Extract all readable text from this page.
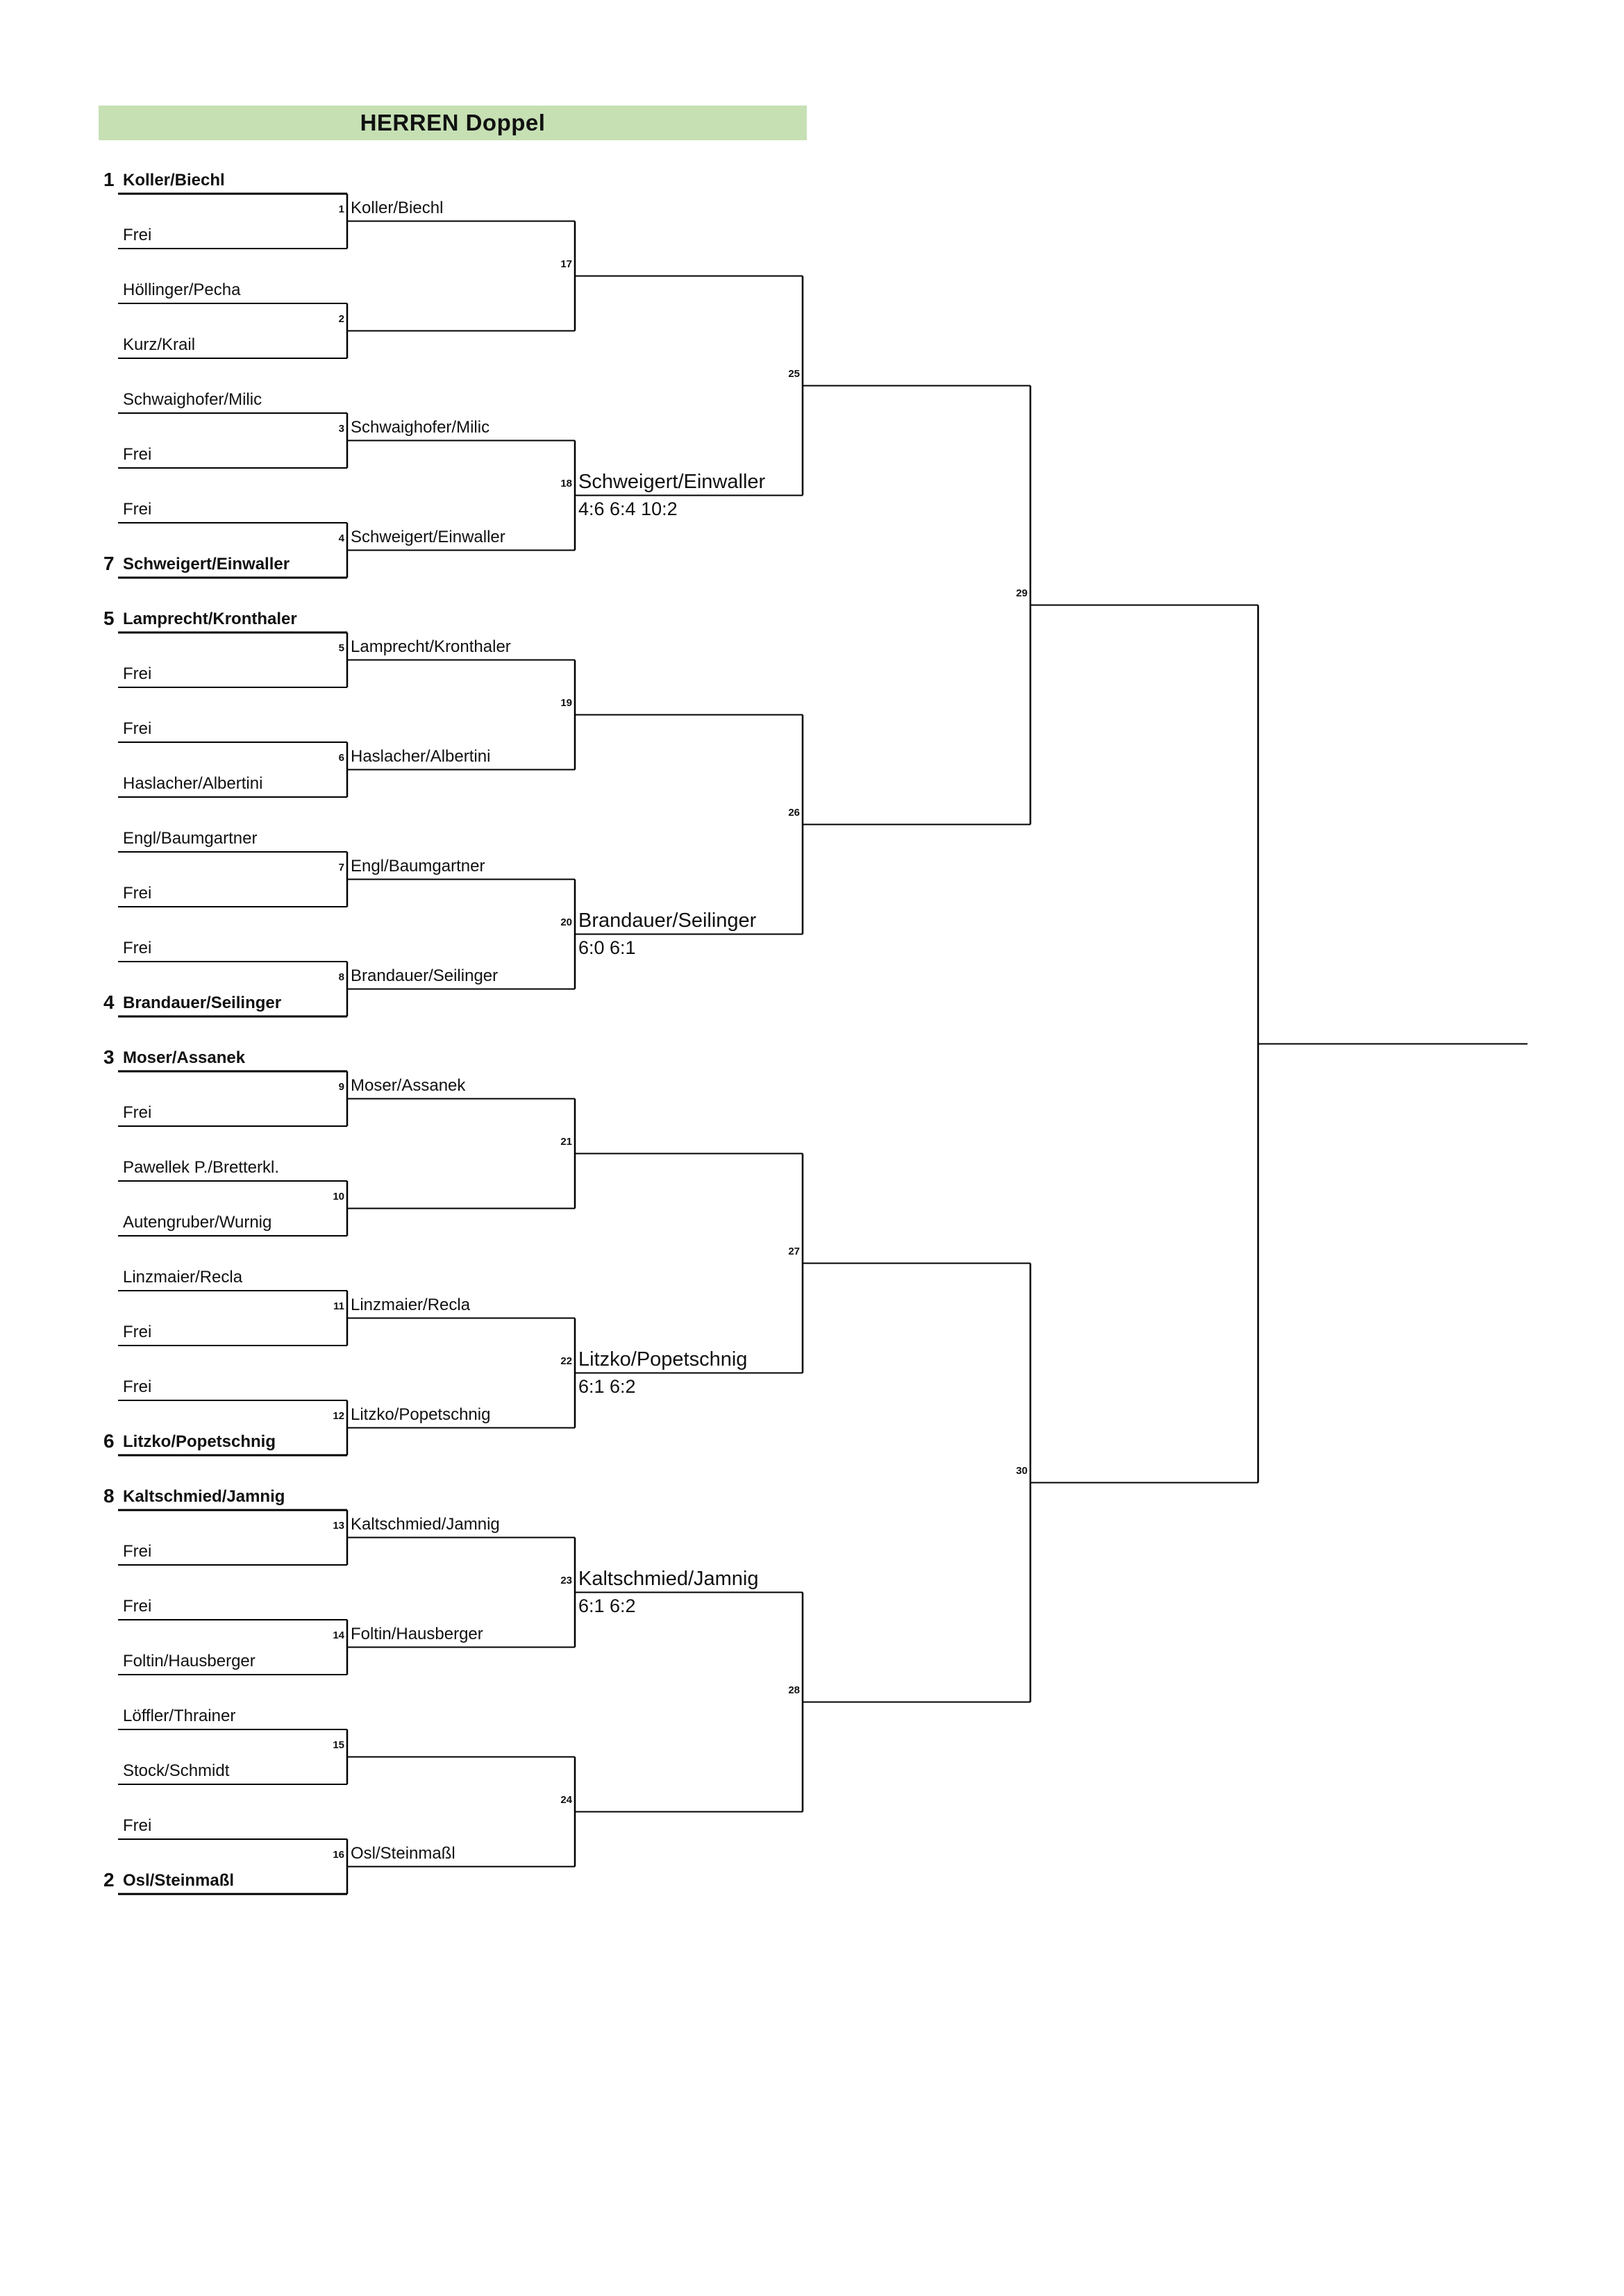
HERREN Doppel
Koller/Biechl
1
Frei
Höllinger/Pecha
Kurz/Krail
Schwaighofer/Milic
Frei
Frei
Schweigert/Einwaller
7
Lamprecht/Kronthaler
5
Frei
Frei
Haslacher/Albertini
Engl/Baumgartner
Frei
Frei
Brandauer/Seilinger
4
Moser/Assanek
3
Frei
Pawellek P./Bretterkl.
Autengruber/Wurnig
Linzmaier/Recla
Frei
Frei
Litzko/Popetschnig
6
Kaltschmied/Jamnig
8
Frei
Frei
Foltin/Hausberger
Löffler/Thrainer
Stock/Schmidt
Frei
Osl/Steinmaßl
2
1 Koller/Biechl
2
3 Schwaighofer/Milic
4 Schweigert/Einwaller
5 Lamprecht/Kronthaler
6 Haslacher/Albertini
7 Engl/Baumgartner
8 Brandauer/Seilinger
9 Moser/Assanek
10
11 Linzmaier/Recla
12 Litzko/Popetschnig
13 Kaltschmied/Jamnig
14 Foltin/Hausberger
15
16 Osl/Steinmaßl
17
18 Schweigert/Einwaller
4:6 6:4 10:2
19
20 Brandauer/Seilinger
6:0 6:1
21
22 Litzko/Popetschnig
6:1 6:2
23 Kaltschmied/Jamnig
6:1 6:2
24
25
26
27
28
29
30
